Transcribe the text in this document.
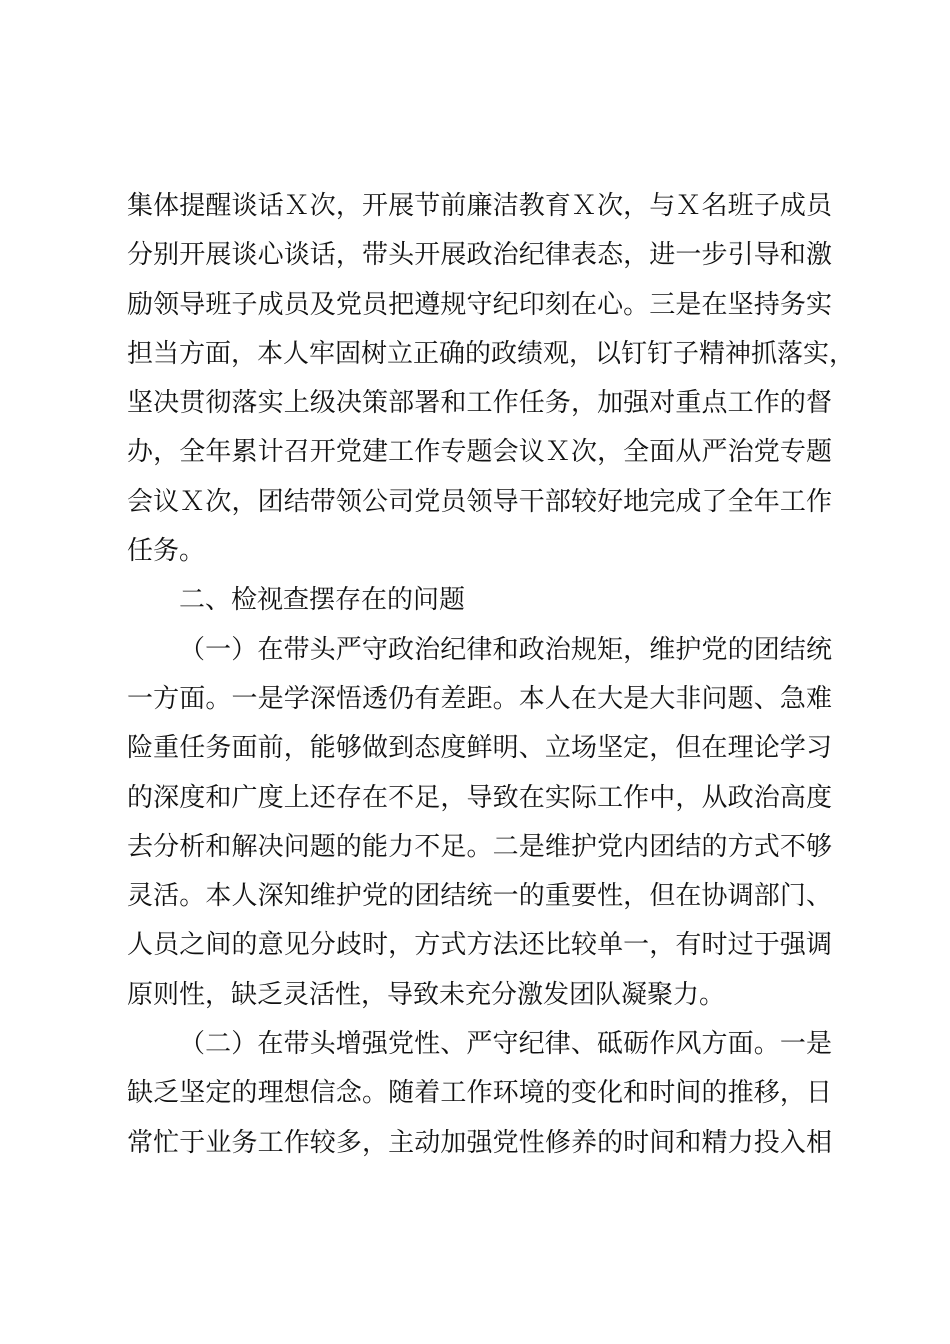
集体提醒谈话Ｘ次，开展节前廉洁教育Ｘ次，与Ｘ名班子成员
分别开展谈心谈话，带头开展政治纪律表态，进一步引导和激
励领导班子成员及党员把遵规守纪印刻在心。三是在坚持务实
担当方面，本人牢固树立正确的政绩观，以钉钉子精神抓落实，
坚决贯彻落实上级决策部署和工作任务，加强对重点工作的督
办，全年累计召开党建工作专题会议Ｘ次，全面从严治党专题
会议Ｘ次，团结带领公司党员领导干部较好地完成了全年工作
任务。
二、检视查摆存在的问题
（一）在带头严守政治纪律和政治规矩，维护党的团结统
一方面。一是学深悟透仍有差距。本人在大是大非问题、急难
险重任务面前，能够做到态度鲜明、立场坚定，但在理论学习
的深度和广度上还存在不足，导致在实际工作中，从政治高度
去分析和解决问题的能力不足。二是维护党内团结的方式不够
灵活。本人深知维护党的团结统一的重要性，但在协调部门、
人员之间的意见分歧时，方式方法还比较单一，有时过于强调
原则性，缺乏灵活性，导致未充分激发团队凝聚力。
（二）在带头增强党性、严守纪律、砥砺作风方面。一是
缺乏坚定的理想信念。随着工作环境的变化和时间的推移，日
常忙于业务工作较多，主动加强党性修养的时间和精力投入相
